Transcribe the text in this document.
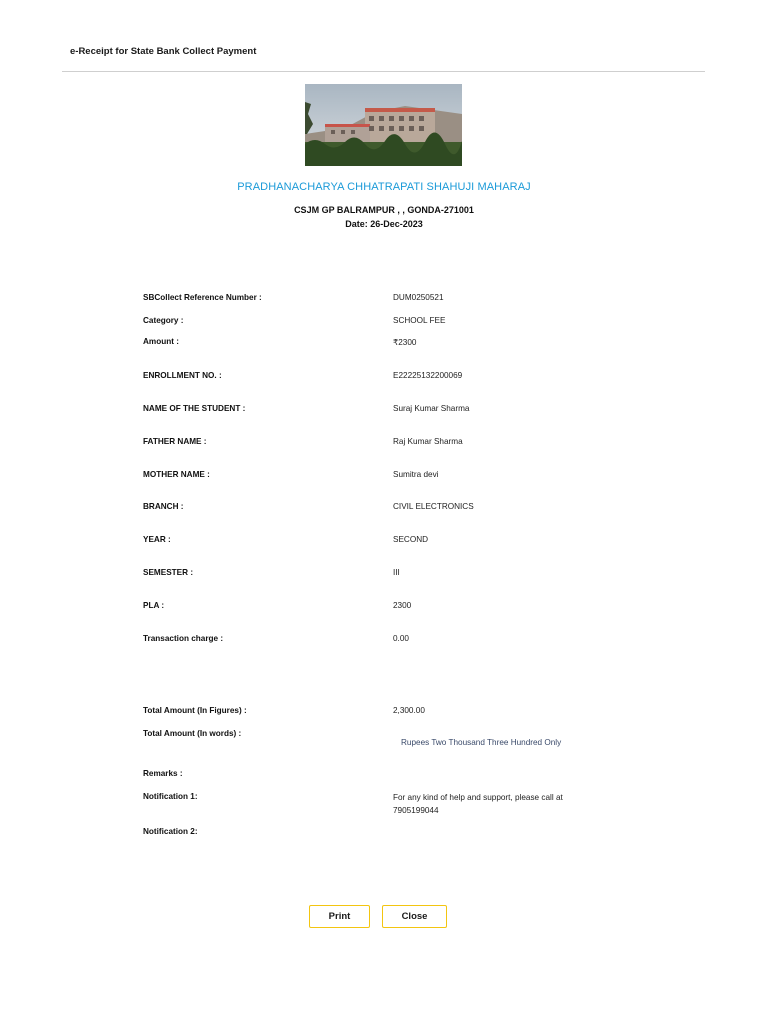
e-Receipt for State Bank Collect Payment
PRADHANACHARYA CHHATRAPATI SHAHUJI MAHARAJ
CSJM GP BALRAMPUR , , GONDA-271001
Date: 26-Dec-2023
SBCollect Reference Number :	DUM0250521
Category :	SCHOOL FEE
Amount :	₹2300
ENROLLMENT NO. :	E22225132200069
NAME OF THE STUDENT :	Suraj Kumar Sharma
FATHER NAME :	Raj Kumar Sharma
MOTHER NAME :	Sumitra devi
BRANCH :	CIVIL ELECTRONICS
YEAR :	SECOND
SEMESTER :	III
PLA :	2300
Transaction charge :	0.00
Total Amount (In Figures) :	2,300.00
Total Amount (In words) :
Rupees Two Thousand Three Hundred Only
Remarks :
Notification 1:	For any kind of help and support, please call at 7905199044
Notification 2:
Print	Close
